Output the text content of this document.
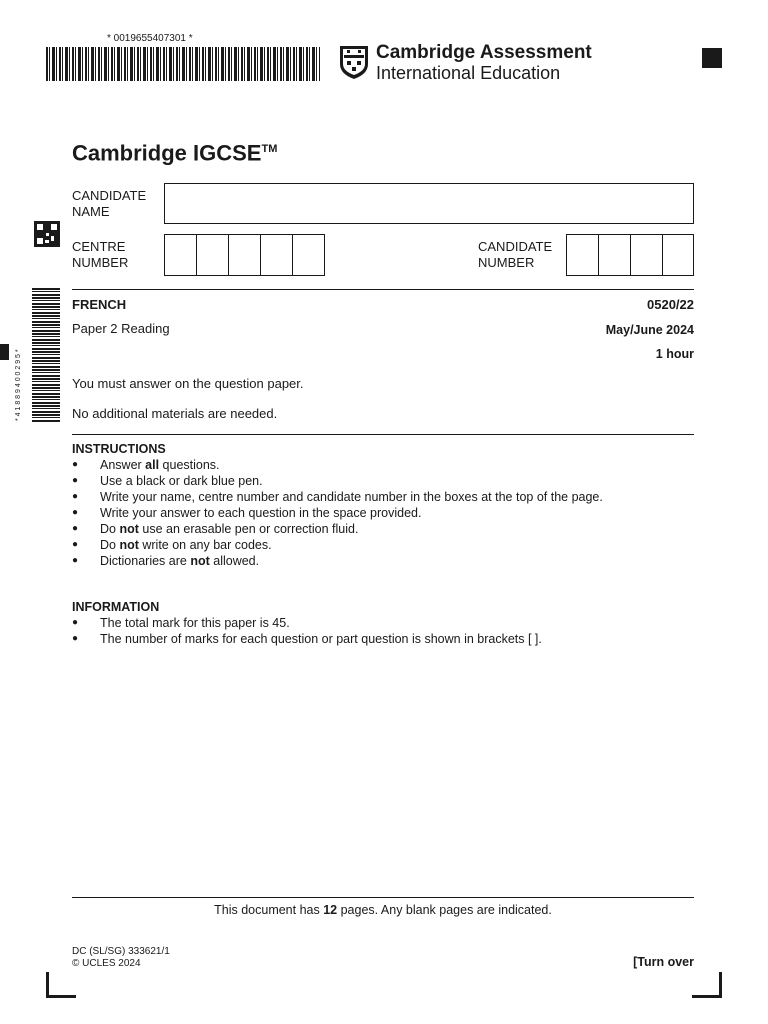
* 0019655407301 *
Cambridge Assessment
International Education
Cambridge IGCSE™
CANDIDATE
NAME
CENTRE
NUMBER
CANDIDATE
NUMBER
* 4 1 8 8 9 4 0 0 2 9 5 *
FRENCH	0520/22
Paper 2 Reading	May/June 2024
1 hour
You must answer on the question paper.
No additional materials are needed.
INSTRUCTIONS
● Answer all questions.
● Use a black or dark blue pen.
● Write your name, centre number and candidate number in the boxes at the top of the page.
● Write your answer to each question in the space provided.
● Do not use an erasable pen or correction fluid.
● Do not write on any bar codes.
● Dictionaries are not allowed.
INFORMATION
● The total mark for this paper is 45.
● The number of marks for each question or part question is shown in brackets [ ].
This document has 12 pages. Any blank pages are indicated.
DC (SL/SG) 333621/1
© UCLES 2024	[Turn over
